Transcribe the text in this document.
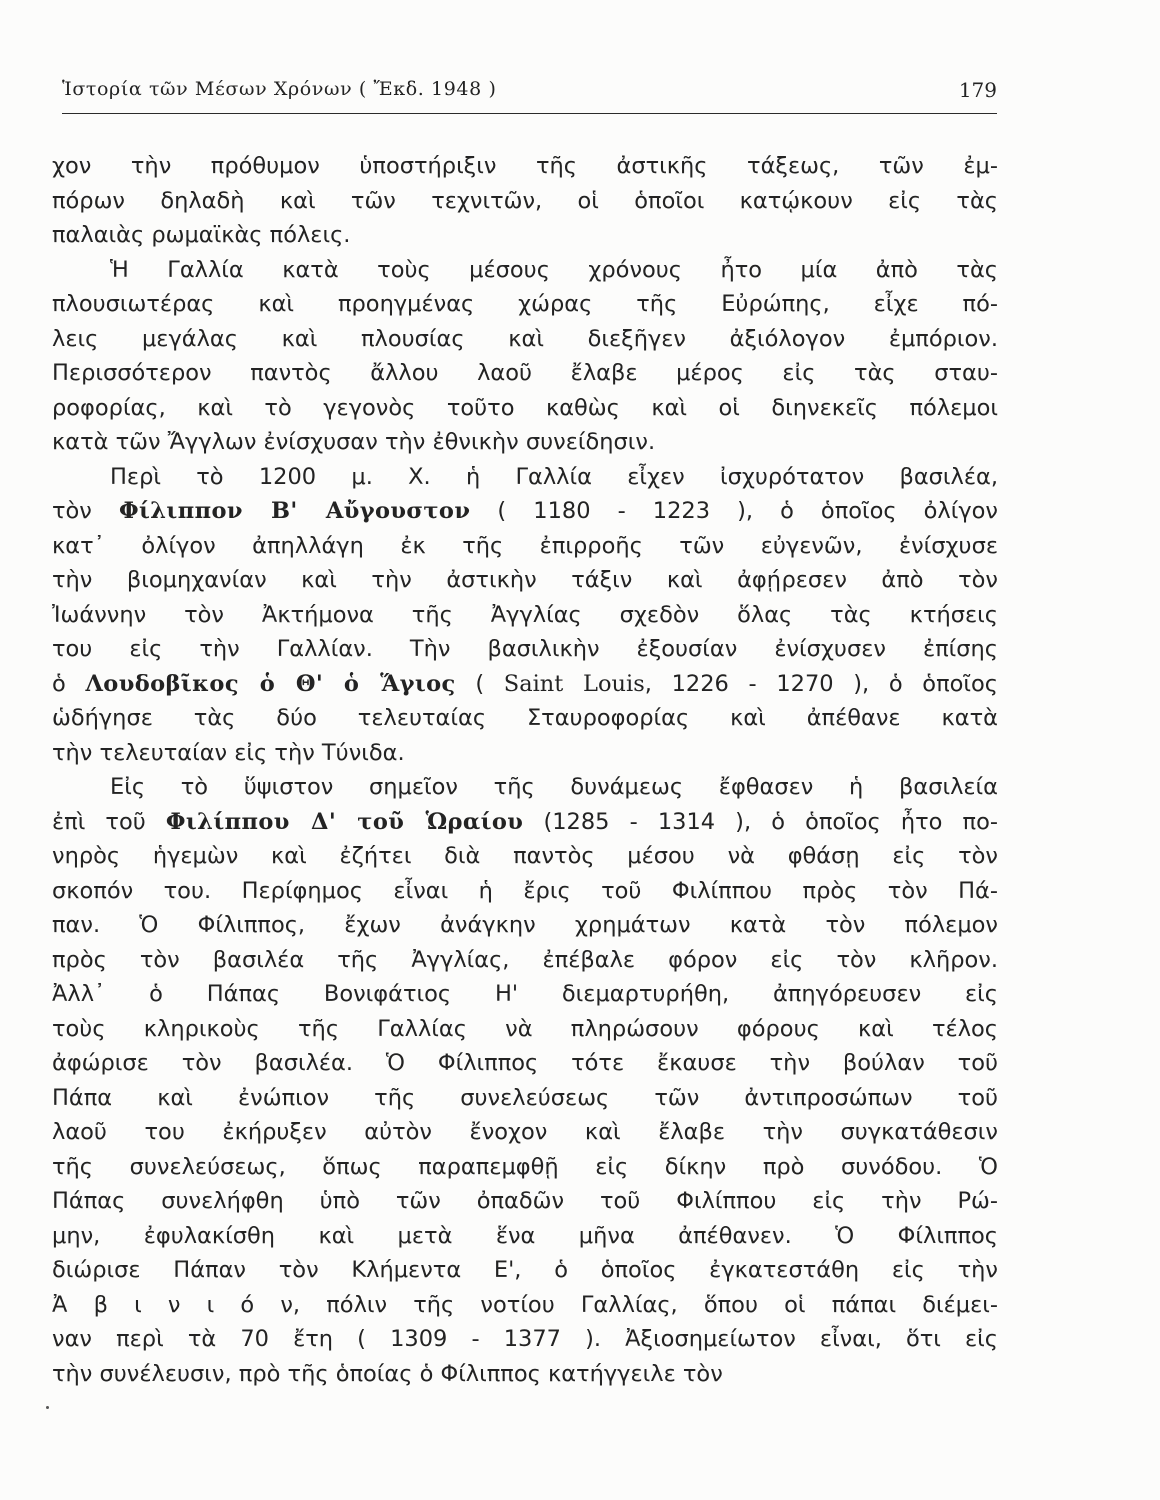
Ἱστορία τῶν Μέσων Χρόνων ( Ἔκδ. 1948 )	179
χον τὴν πρόθυμον ὑποστήριξιν τῆς ἀστικῆς τάξεως, τῶν ἐμ-
πόρων δηλαδὴ καὶ τῶν τεχνιτῶν, οἱ ὁποῖοι κατῴκουν εἰς τὰς
παλαιὰς ρωμαϊκὰς πόλεις.
Ἡ Γαλλία κατὰ τοὺς μέσους χρόνους ἦτο μία ἀπὸ τὰς
πλουσιωτέρας καὶ προηγμένας χώρας τῆς Εὐρώπης, εἶχε πό-
λεις μεγάλας καὶ πλουσίας καὶ διεξῆγεν ἀξιόλογον ἐμπόριον.
Περισσότερον παντὸς ἄλλου λαοῦ ἔλαβε μέρος εἰς τὰς σταυ-
ροφορίας, καὶ τὸ γεγονὸς τοῦτο καθὼς καὶ οἱ διηνεκεῖς πόλεμοι
κατὰ τῶν Ἄγγλων ἐνίσχυσαν τὴν ἐθνικὴν συνείδησιν.
Περὶ τὸ 1200 μ. Χ. ἡ Γαλλία εἶχεν ἰσχυρότατον βασιλέα,
τὸν Φίλιππον Β' Αὔγουστον ( 1180 - 1223 ), ὁ ὁποῖος ὀλίγον
κατ᾽ ὀλίγον ἀπηλλάγη ἐκ τῆς ἐπιρροῆς τῶν εὐγενῶν, ἐνίσχυσε
τὴν βιομηχανίαν καὶ τὴν ἀστικὴν τάξιν καὶ ἀφῄρεσεν ἀπὸ τὸν
Ἰωάννην τὸν Ἀκτήμονα τῆς Ἀγγλίας σχεδὸν ὅλας τὰς κτήσεις
του εἰς τὴν Γαλλίαν. Τὴν βασιλικὴν ἐξουσίαν ἐνίσχυσεν ἐπίσης
ὁ Λουδοβῖκος ὁ Θ' ὁ Ἅγιος ( Saint Louis, 1226 - 1270 ), ὁ ὁποῖος
ὡδήγησε τὰς δύο τελευταίας Σταυροφορίας καὶ ἀπέθανε κατὰ
τὴν τελευταίαν εἰς τὴν Τύνιδα.
Εἰς τὸ ὕψιστον σημεῖον τῆς δυνάμεως ἔφθασεν ἡ βασιλεία
ἐπὶ τοῦ Φιλίππου Δ' τοῦ Ὡραίου (1285 - 1314 ), ὁ ὁποῖος ἦτο πο-
νηρὸς ἡγεμὼν καὶ ἐζήτει διὰ παντὸς μέσου νὰ φθάσῃ εἰς τὸν
σκοπόν του. Περίφημος εἶναι ἡ ἔρις τοῦ Φιλίππου πρὸς τὸν Πά-
παν. Ὁ Φίλιππος, ἔχων ἀνάγκην χρημάτων κατὰ τὸν πόλεμον
πρὸς τὸν βασιλέα τῆς Ἀγγλίας, ἐπέβαλε φόρον εἰς τὸν κλῆρον.
Ἀλλ᾽ ὁ Πάπας Βονιφάτιος Η' διεμαρτυρήθη, ἀπηγόρευσεν εἰς
τοὺς κληρικοὺς τῆς Γαλλίας νὰ πληρώσουν φόρους καὶ τέλος
ἀφώρισε τὸν βασιλέα. Ὁ Φίλιππος τότε ἔκαυσε τὴν βούλαν τοῦ
Πάπα καὶ ἐνώπιον τῆς συνελεύσεως τῶν ἀντιπροσώπων τοῦ
λαοῦ του ἐκήρυξεν αὐτὸν ἔνοχον καὶ ἔλαβε τὴν συγκατάθεσιν
τῆς συνελεύσεως, ὅπως παραπεμφθῇ εἰς δίκην πρὸ συνόδου. Ὁ
Πάπας συνελήφθη ὑπὸ τῶν ὀπαδῶν τοῦ Φιλίππου εἰς τὴν Ρώ-
μην, ἐφυλακίσθη καὶ μετὰ ἕνα μῆνα ἀπέθανεν. Ὁ Φίλιππος
διώρισε Πάπαν τὸν Κλήμεντα Ε', ὁ ὁποῖος ἐγκατεστάθη εἰς τὴν
Ἀ β ι ν ι ό ν, πόλιν τῆς νοτίου Γαλλίας, ὅπου οἱ πάπαι διέμει-
ναν περὶ τὰ 70 ἔτη ( 1309 - 1377 ). Ἀξιοσημείωτον εἶναι, ὅτι εἰς
τὴν συνέλευσιν, πρὸ τῆς ὁποίας ὁ Φίλιππος κατήγγειλε τὸν
